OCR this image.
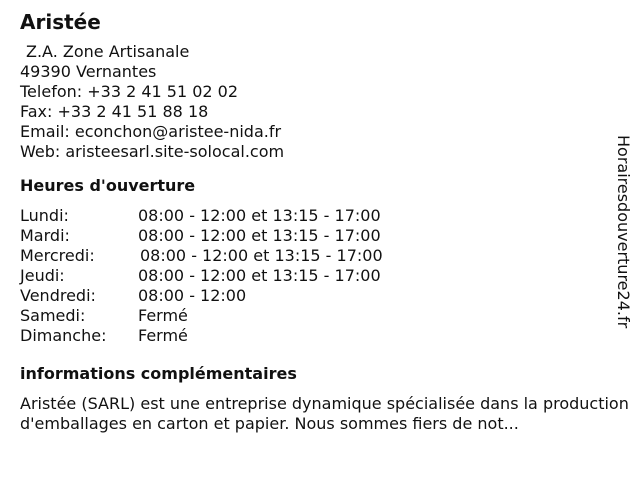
Aristée
Z.A. Zone Artisanale
49390 Vernantes
Telefon: +33 2 41 51 02 02
Fax: +33 2 41 51 88 18
Email: econchon@aristee-nida.fr
Web: aristeesarl.site-solocal.com
Heures d'ouverture
Lundi:	08:00 - 12:00 et 13:15 - 17:00
Mardi:	08:00 - 12:00 et 13:15 - 17:00
Mercredi:	08:00 - 12:00 et 13:15 - 17:00
Jeudi:	08:00 - 12:00 et 13:15 - 17:00
Vendredi:	08:00 - 12:00
Samedi:	Fermé
Dimanche:	Fermé
informations complémentaires

Aristée (SARL) est une entreprise dynamique spécialisée dans la production d'emballages en carton et papier. Nous sommes fiers de not...

Horairesdouverture24.fr
